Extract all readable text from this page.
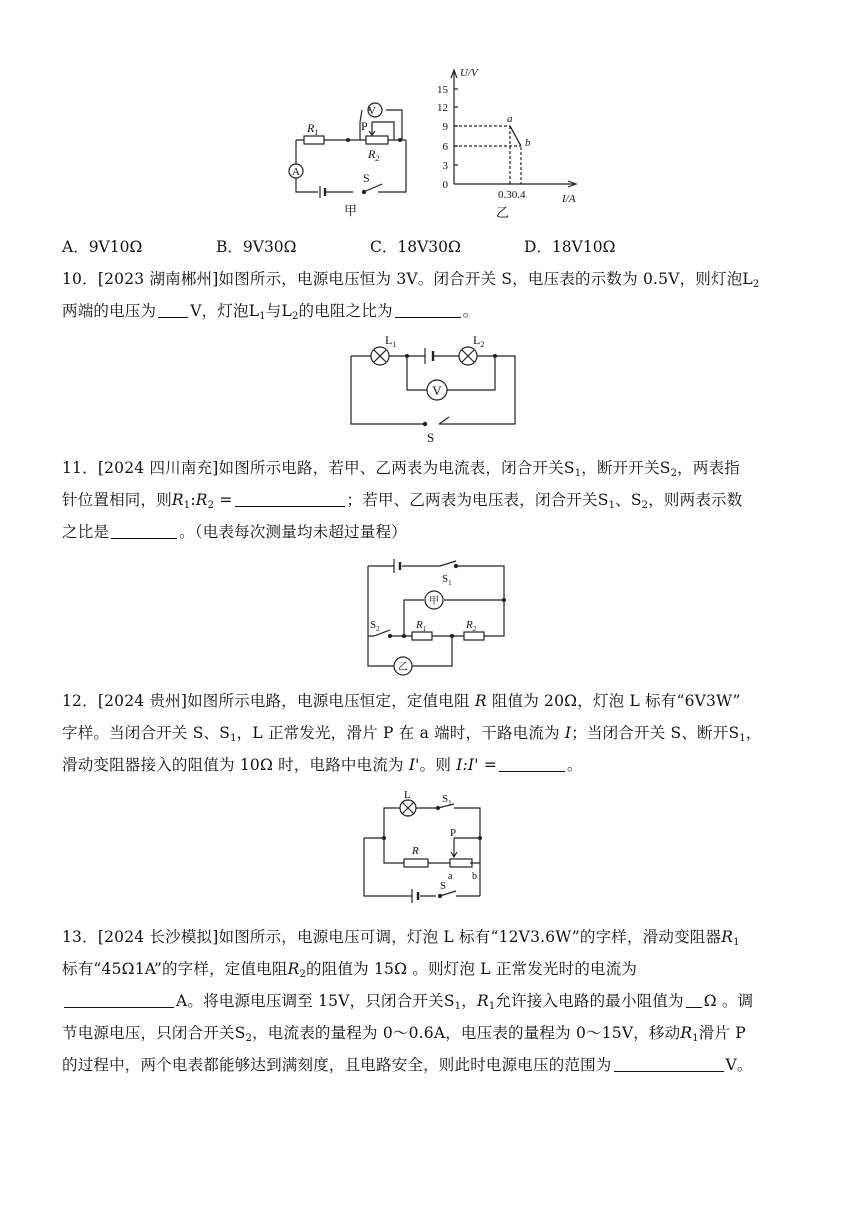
$R_1$
$R_2$
P
S
V
A
甲
U/V
I/A
15
12
9
6
3
0
0.30.4
a
b
乙
A．9V10Ω	B．9V30Ω	C．18V30Ω	D．18V10Ω
10．[2023 湖南郴州]如图所示，电源电压恒为 3V。闭合开关 S，电压表的示数为 0.5V，则灯泡$L_2$
两端的电压为 V，灯泡$L_1$与$L_2$的电阻之比为	。
$L_1$	$L_2$
V
S
11．[2024 四川南充]如图所示电路，若甲、乙两表为电流表，闭合开关$S_1$，断开开关$S_2$，两表指
针位置相同，则$R_1:R_2$ =	；若甲、乙两表为电压表，闭合开关$S_1$、$S_2$，则两表示数
之比是	。（电表每次测量均未超过量程）
$S_1$
$S_2$	$R_1$	$R_2$
甲
乙
12．[2024 贵州]如图所示电路，电源电压恒定，定值电阻 R 阻值为 20Ω，灯泡 L 标有“6V3W”
字样。当闭合开关 S、$S_1$，L 正常发光，滑片 P 在 a 端时，干路电流为 I；当闭合开关 S、断开$S_1$，
滑动变阻器接入的阻值为 10Ω 时，电路中电流为 I'。则 I:I' =	。
L	$S_1$
R
P
a b
S
13．[2024 长沙模拟]如图所示，电源电压可调，灯泡 L 标有“12V3.6W”的字样，滑动变阻器$R_1$
标有“45Ω1A”的字样，定值电阻$R_2$的阻值为 15Ω 。则灯泡 L 正常发光时的电流为
A。将电源电压调至 15V，只闭合开关$S_1$，$R_1$允许接入电路的最小阻值为 Ω 。调
节电源电压，只闭合开关$S_2$，电流表的量程为 0～0.6A，电压表的量程为 0～15V，移动$R_1$滑片 P
的过程中，两个电表都能够达到满刻度，且电路安全，则此时电源电压的范围为	V。
